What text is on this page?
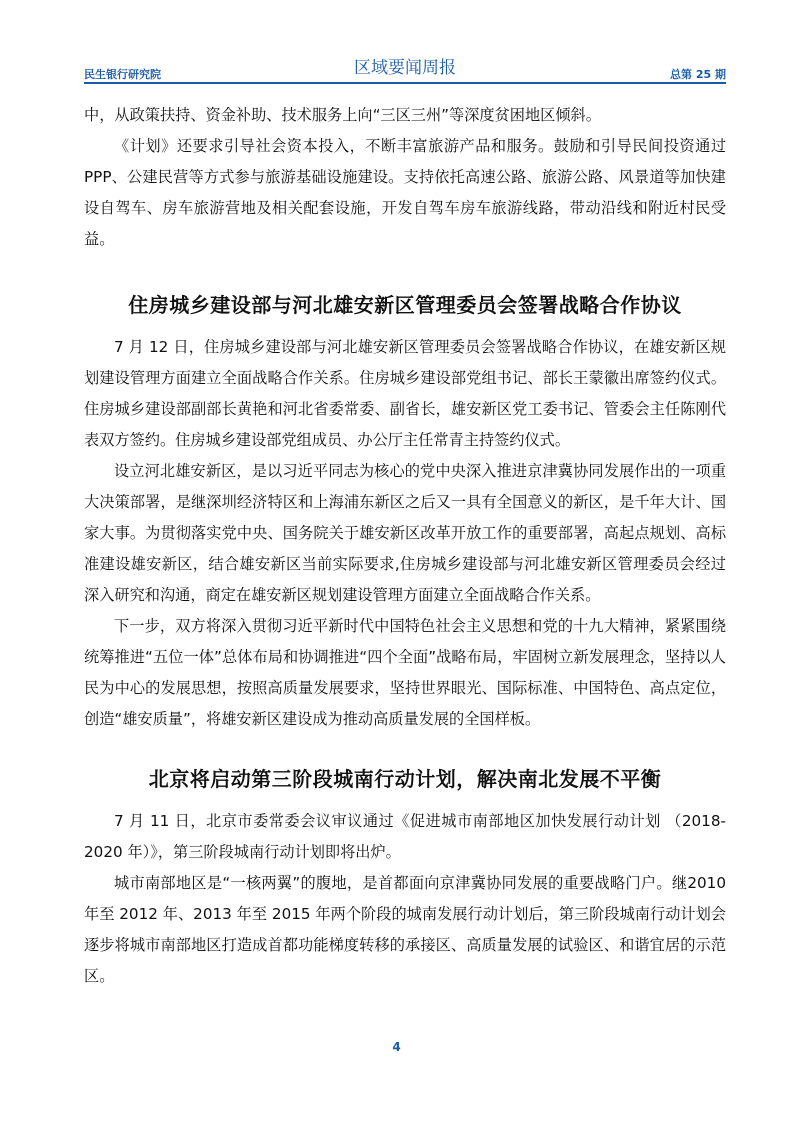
民生银行研究院	区域要闻周报	总第 25 期

中，从政策扶持、资金补助、技术服务上向“三区三州”等深度贫困地区倾斜。

《计划》还要求引导社会资本投入，不断丰富旅游产品和服务。鼓励和引导民间投资通过PPP、公建民营等方式参与旅游基础设施建设。支持依托高速公路、旅游公路、风景道等加快建设自驾车、房车旅游营地及相关配套设施，开发自驾车房车旅游线路，带动沿线和附近村民受益。

住房城乡建设部与河北雄安新区管理委员会签署战略合作协议

7 月 12 日，住房城乡建设部与河北雄安新区管理委员会签署战略合作协议，在雄安新区规划建设管理方面建立全面战略合作关系。住房城乡建设部党组书记、部长王蒙徽出席签约仪式。住房城乡建设部副部长黄艳和河北省委常委、副省长，雄安新区党工委书记、管委会主任陈刚代表双方签约。住房城乡建设部党组成员、办公厅主任常青主持签约仪式。

设立河北雄安新区，是以习近平同志为核心的党中央深入推进京津冀协同发展作出的一项重大决策部署，是继深圳经济特区和上海浦东新区之后又一具有全国意义的新区，是千年大计、国家大事。为贯彻落实党中央、国务院关于雄安新区改革开放工作的重要部署，高起点规划、高标准建设雄安新区，结合雄安新区当前实际要求,住房城乡建设部与河北雄安新区管理委员会经过深入研究和沟通，商定在雄安新区规划建设管理方面建立全面战略合作关系。

下一步，双方将深入贯彻习近平新时代中国特色社会主义思想和党的十九大精神，紧紧围绕统筹推进“五位一体”总体布局和协调推进“四个全面”战略布局，牢固树立新发展理念，坚持以人民为中心的发展思想，按照高质量发展要求，坚持世界眼光、国际标准、中国特色、高点定位，创造“雄安质量”，将雄安新区建设成为推动高质量发展的全国样板。

北京将启动第三阶段城南行动计划，解决南北发展不平衡

7 月 11 日，北京市委常委会议审议通过《促进城市南部地区加快发展行动计划 （2018-2020 年）》，第三阶段城南行动计划即将出炉。

城市南部地区是“一核两翼”的腹地，是首都面向京津冀协同发展的重要战略门户。继2010 年至 2012 年、2013 年至 2015 年两个阶段的城南发展行动计划后，第三阶段城南行动计划会逐步将城市南部地区打造成首都功能梯度转移的承接区、高质量发展的试验区、和谐宜居的示范区。

4
